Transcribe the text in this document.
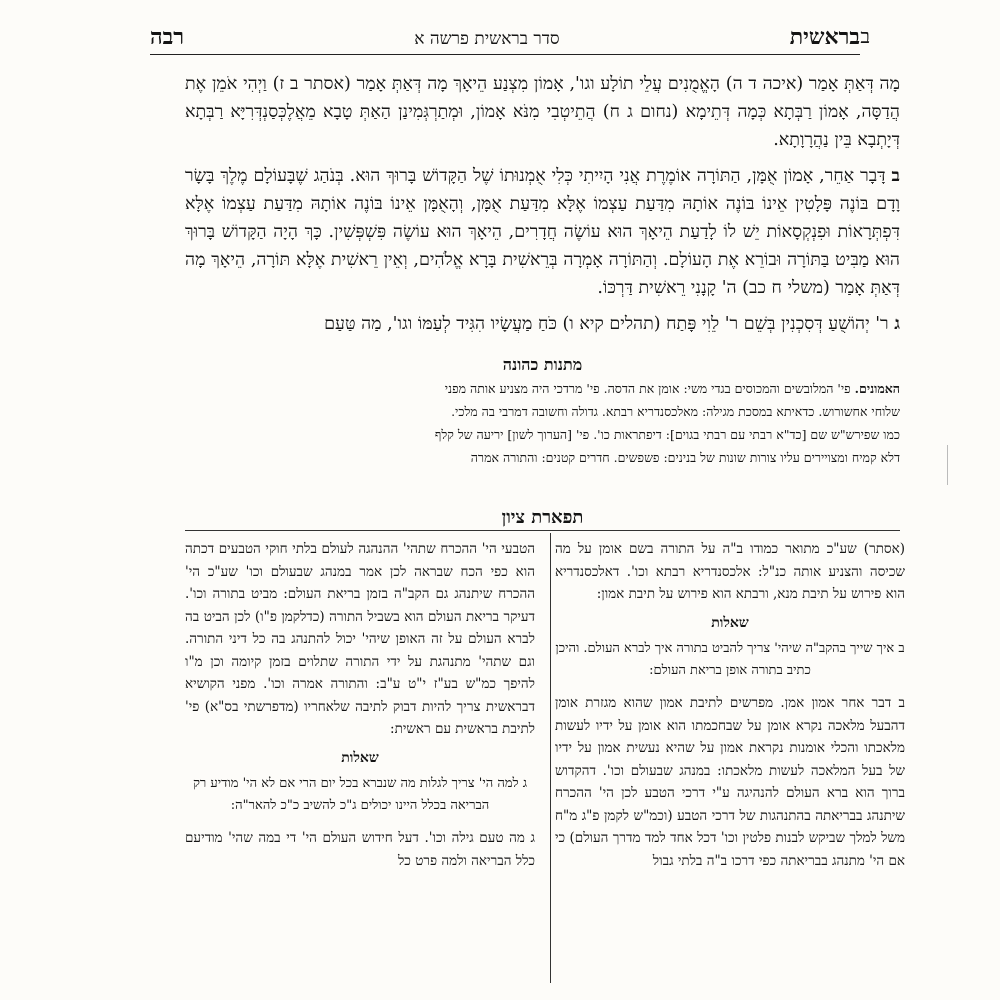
ב
בראשית
סדר בראשית פרשה א
רבה

מָה דְּאַתְּ אָמַר (איכה ד ה) הָאֱמֻנִים עֲלֵי תוֹלָע וגו', אָמוֹן מִצְנַע הֵיאָךְ מָה דְּאַתְּ אָמַר (אסתר ב ז) וַיְהִי אֹמֵן אֶת הֲדַסָּה, אָמוֹן רַבְּתָא כְּמָה דְּתֵימָא (נחום ג ח) הֲתֵיטְבִי מִנֹּא אָמוֹן, וּמְתַרְגְּמִינַן הַאַתְּ טָבָא מֵאֲלֶכְּסַנְדְּרִיָּא רַבְּתָא דְּיָתְבָא בֵּין נַהֲרָוָתָא.

ב דָּבָר אַחֵר, אָמוֹן אֻמָּן, הַתּוֹרָה אוֹמֶרֶת אֲנִי הָיִיתִי כְּלִי אֻמְנוּתוֹ שֶׁל הַקָּדוֹשׁ בָּרוּךְ הוּא. בְּנֹהַג שֶׁבָּעוֹלָם מֶלֶךְ בָּשָׂר וָדָם בּוֹנֶה פָּלָטִין אֵינוֹ בּוֹנֶה אוֹתָהּ מִדַּעַת עַצְמוֹ אֶלָּא מִדַּעַת אֻמָּן, וְהָאֻמָּן אֵינוֹ בּוֹנֶה אוֹתָהּ מִדַּעַת עַצְמוֹ אֶלָּא דִּפְתְּרָאוֹת וּפִנְקְסָאוֹת יֵשׁ לוֹ לָדַעַת הֵיאָךְ הוּא עוֹשֶׂה חֲדָרִים, הֵיאָךְ הוּא עוֹשֶׂה פִּשְׁפְּשִׁין. כָּךְ הָיָה הַקָּדוֹשׁ בָּרוּךְ הוּא מַבִּיט בַּתּוֹרָה וּבוֹרֵא אֶת הָעוֹלָם. וְהַתּוֹרָה אָמְרָה בְּרֵאשִׁית בָּרָא אֱלֹהִים, וְאֵין רֵאשִׁית אֶלָּא תּוֹרָה, הֵיאָךְ מָה דְּאַתְּ אָמַר (משלי ח כב) ה' קָנָנִי רֵאשִׁית דַּרְכּוֹ.

ג ר' יְהוֹשֻׁעַ דְּסִכְנִין בְּשֵׁם ר' לֵוִי פָּתַח (תהלים קיא ו) כֹּחַ מַעֲשָׂיו הִגִּיד לְעַמּוֹ וגו', מַה טַּעַם

מתנות כהונה

האמונים. פי' המלובשים והמכוסים בגדי משי: אומן את הדסה. פי' מרדכי היה מצניע אותה מפני

שלוחי אחשורוש. כדאיתא במסכת מגילה: מאלכסנדריא רבתא. גדולה וחשובה דמרבי בה מלכי.

כמו שפירש"ש שם [כד"א רבתי עם רבתי בגוים]: דיפתראות כו'. פי' [הערוך לשון] יריעה של קלף

דלא קמיח ומצויירים עליו צורות שונות של בנינים: פשפשים. חדרים קטנים: והתורה אמרה

תפארת ציון

(אסתר) שע"כ מתואר כמודו ב"ה על התורה בשם אומן על מה שכיסה והצניע אותה כנ"ל: אלכסנדריא רבתא וכו'. דאלכסנדריא הוא פירוש על תיבת מנא, ורבתא הוא פירוש על תיבת אמון:

שאלות
ב איך שייך בהקב"ה שיהי' צריך להביט בתורה איך לברא העולם. והיכן כתיב בתורה אופן בריאת העולם:

ב דבר אחר אמון אמן. מפרשים לתיבת אמון שהוא מגזרת אומן דהבעל מלאכה נקרא אומן על שבחכמתו הוא אומן על ידיו לעשות מלאכתו והכלי אומנות נקראת אמון על שהיא נעשית אמון על ידיו של בעל המלאכה לעשות מלאכתו: במנהג שבעולם וכו'. דהקדוש ברוך הוא ברא העולם להנהיגה ע"י דרכי הטבע לכן הי' ההכרח שיתנהג בבריאתה בהתנהגות של דרכי הטבע (וכמ"ש לקמן פ"ג מ"ח משל למלך שביקש לבנות פלטין וכו' דכל אחד למד מדרך העולם) כי אם הי' מתנהג בבריאתה כפי דרכו ב"ה בלתי גבול

הטבעי הי' ההכרח שתהי' ההנהגה לעולם בלתי חוקי הטבעים דכתה הוא כפי הכח שבראה לכן אמר במנהג שבעולם וכו' שע"כ הי' ההכרח שיתנהג גם הקב"ה בזמן בריאת העולם: מביט בתורה וכו'. דעיקר בריאת העולם הוא בשביל התורה (כדלקמן פ"ו) לכן הביט בה לברא העולם על זה האופן שיהי' יכול להתנהג בה כל דיני התורה. וגם שתהי' מתנהגת על ידי התורה שתלוים בזמן קיומה וכן מ"ו להיפך כמ"ש בע"ז י"ט ע"ב: והתורה אמרה וכו'. מפני הקושיא דבראשית צריך להיות דבוק לתיבה שלאחריו (מדפרשתי בס"א) פי' לתיבת בראשית עם ראשית:

שאלות
ג למה הי' צריך לגלות מה שנברא בכל יום הרי אם לא הי' מודיע רק הבריאה בכלל היינו יכולים ג"כ להשיב כ"כ להאר"ה:

ג מה טעם גילה וכו'. דעל חידוש העולם הי' די במה שהי' מודיעם כלל הבריאה ולמה פרט כל
